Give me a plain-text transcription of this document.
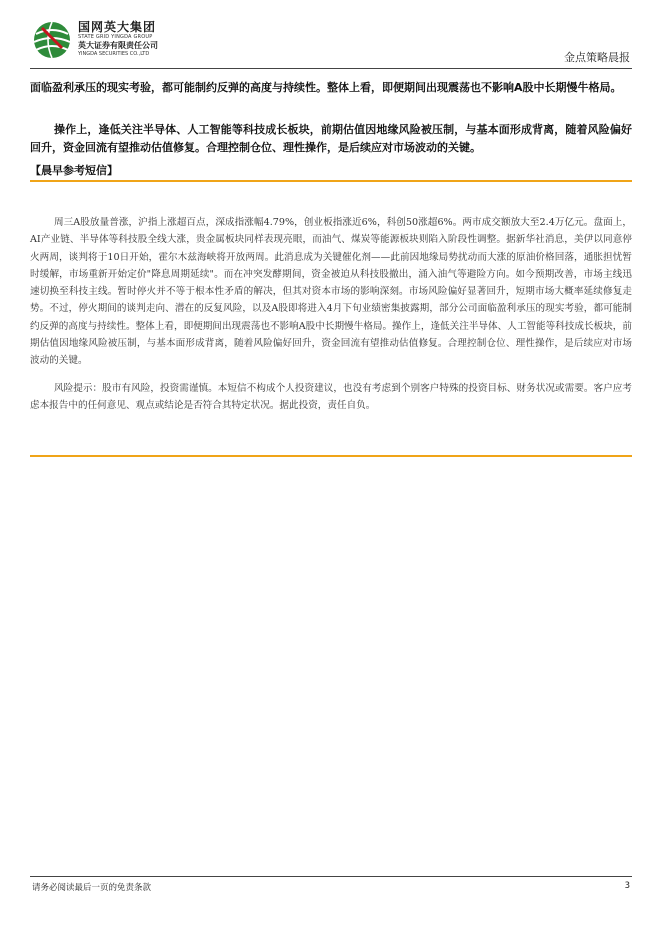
国网英大集团
STATE GRID YINGDA GROUP
英大证券有限责任公司
YINGDA SECURITIES CO.,LTD	金点策略晨报
面临盈利承压的现实考验，都可能制约反弹的高度与持续性。整体上看，即便期间出现震荡也不影响A股中长期慢牛格局。
操作上，逢低关注半导体、人工智能等科技成长板块，前期估值因地缘风险被压制，与基本面形成背离，随着风险偏好回升，资金回流有望推动估值修复。合理控制仓位、理性操作，是后续应对市场波动的关键。
【晨早参考短信】
周三A股放量普涨，沪指上涨超百点，深成指涨幅4.79%，创业板指涨近6%，科创50涨超6%。两市成交额放大至2.4万亿元。盘面上，AI产业链、半导体等科技股全线大涨，贵金属板块同样表现亮眼，而油气、煤炭等能源板块则陷入阶段性调整。据新华社消息，美伊以同意停火两周，谈判将于10日开始，霍尔木兹海峡将开放两周。此消息成为关键催化剂——此前因地缘局势扰动而大涨的原油价格回落，通胀担忧暂时缓解，市场重新开始定价"降息周期延续"。而在冲突发酵期间，资金被迫从科技股撤出，涌入油气等避险方向。如今预期改善，市场主线迅速切换至科技主线。暂时停火并不等于根本性矛盾的解决，但其对资本市场的影响深刻。市场风险偏好显著回升，短期市场大概率延续修复走势。不过，停火期间的谈判走向、潜在的反复风险，以及A股即将进入4月下旬业绩密集披露期，部分公司面临盈利承压的现实考验，都可能制约反弹的高度与持续性。整体上看，即便期间出现震荡也不影响A股中长期慢牛格局。操作上，逢低关注半导体、人工智能等科技成长板块，前期估值因地缘风险被压制，与基本面形成背离，随着风险偏好回升，资金回流有望推动估值修复。合理控制仓位、理性操作，是后续应对市场波动的关键。
风险提示：股市有风险，投资需谨慎。本短信不构成个人投资建议，也没有考虑到个别客户特殊的投资目标、财务状况或需要。客户应考虑本报告中的任何意见、观点或结论是否符合其特定状况。据此投资，责任自负。
请务必阅读最后一页的免责条款	3
